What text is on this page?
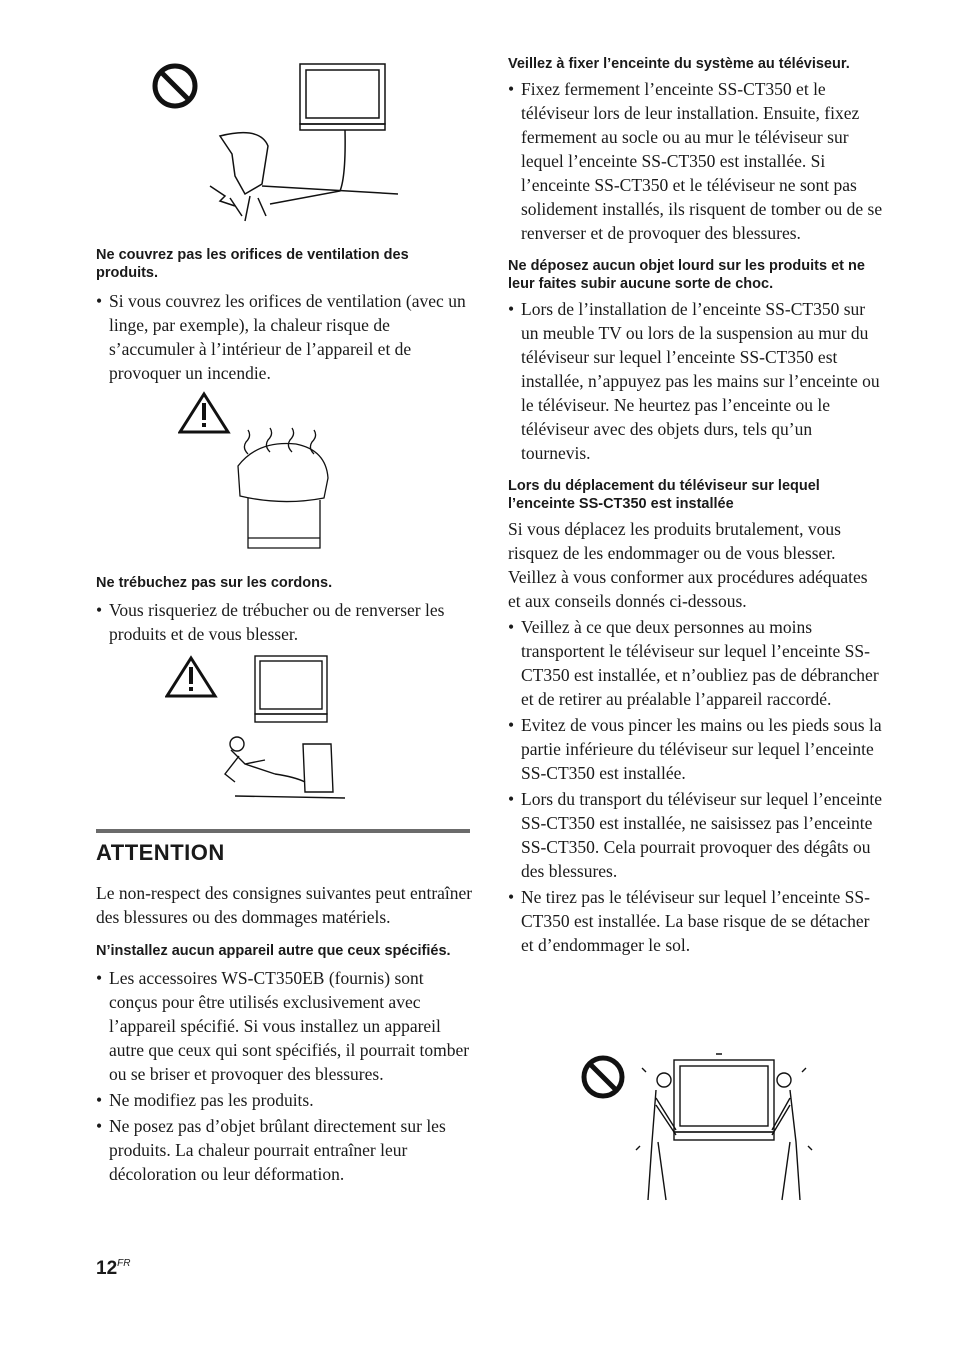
Ne couvrez pas les orifices de ventilation des produits.

• Si vous couvrez les orifices de ventilation (avec un linge, par exemple), la chaleur risque de s’accumuler à l’intérieur de l’appareil et de provoquer un incendie.

Ne trébuchez pas sur les cordons.

• Vous risqueriez de trébucher ou de renverser les produits et de vous blesser.
ATTENTION

Le non-respect des consignes suivantes peut entraîner des blessures ou des dommages matériels.

N’installez aucun appareil autre que ceux spécifiés.

• Les accessoires WS-CT350EB (fournis) sont conçus pour être utilisés exclusivement avec l’appareil spécifié. Si vous installez un appareil autre que ceux qui sont spécifiés, il pourrait tomber ou se briser et provoquer des blessures.
• Ne modifiez pas les produits.
• Ne posez pas d’objet brûlant directement sur les produits. La chaleur pourrait entraîner leur décoloration ou leur déformation.

Veillez à fixer l’enceinte du système au téléviseur.

• Fixez fermement l’enceinte SS-CT350 et le téléviseur lors de leur installation. Ensuite, fixez fermement au socle ou au mur le téléviseur sur lequel l’enceinte SS-CT350 est installée. Si l’enceinte SS-CT350 et le téléviseur ne sont pas solidement installés, ils risquent de tomber ou de se renverser et de provoquer des blessures.

Ne déposez aucun objet lourd sur les produits et ne leur faites subir aucune sorte de choc.

• Lors de l’installation de l’enceinte SS-CT350 sur un meuble TV ou lors de la suspension au mur du téléviseur sur lequel l’enceinte SS-CT350 est installée, n’appuyez pas les mains sur l’enceinte ou le téléviseur. Ne heurtez pas l’enceinte ou le téléviseur avec des objets durs, tels qu’un tournevis.

Lors du déplacement du téléviseur sur lequel l’enceinte SS-CT350 est installée

Si vous déplacez les produits brutalement, vous risquez de les endommager ou de vous blesser. Veillez à vous conformer aux procédures adéquates et aux conseils donnés ci-dessous.

• Veillez à ce que deux personnes au moins transportent le téléviseur sur lequel l’enceinte SS-CT350 est installée, et n’oubliez pas de débrancher et de retirer au préalable l’appareil raccordé.
• Evitez de vous pincer les mains ou les pieds sous la partie inférieure du téléviseur sur lequel l’enceinte SS-CT350 est installée.
• Lors du transport du téléviseur sur lequel l’enceinte SS-CT350 est installée, ne saisissez pas l’enceinte SS-CT350. Cela pourrait provoquer des dégâts ou des blessures.
• Ne tirez pas le téléviseur sur lequel l’enceinte SS-CT350 est installée. La base risque de se détacher et d’endommager le sol.
$12^{FR}$
